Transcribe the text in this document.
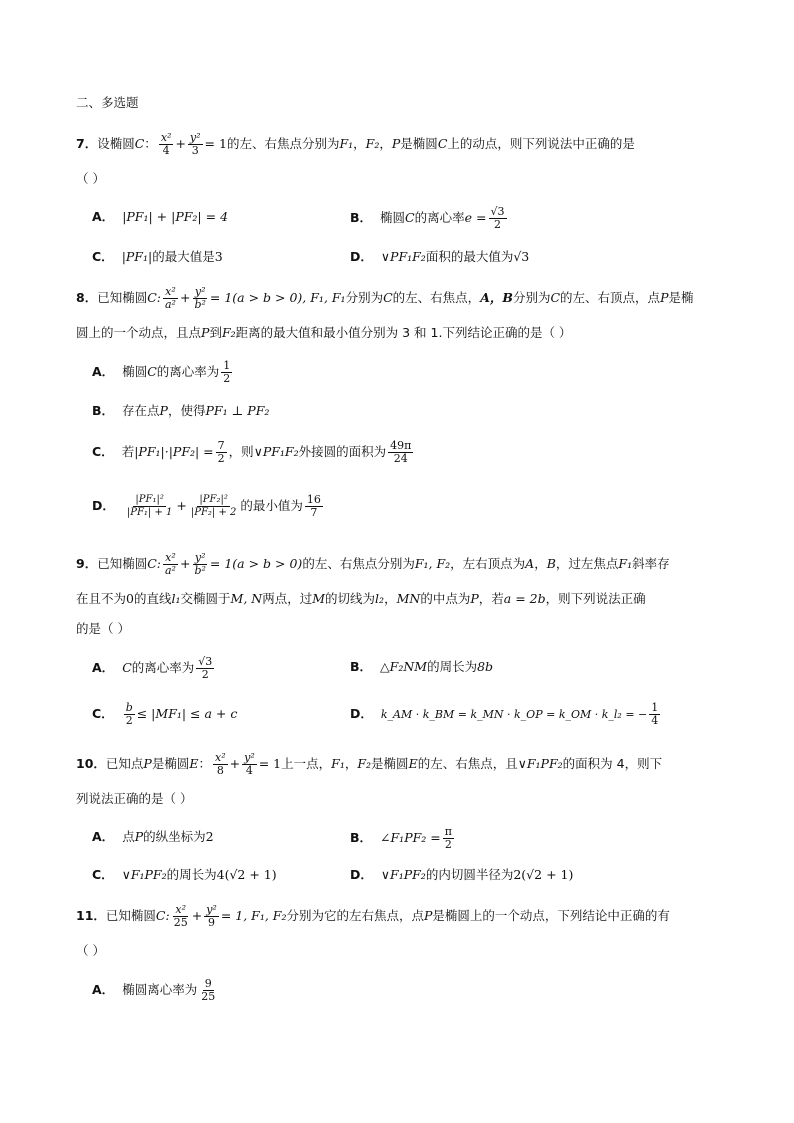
二、多选题
7．设椭圆C： $\frac{\text{x²}}{4} + \frac{\text{y²}}{3} = 1$的左、右焦点分别为F₁，F₂，P是椭圆C上的动点，则下列说法中正确的是
（ ）
A． |PF₁| + |PF₂| = 4	B． 椭圆C的离心率$e = \frac{√3}{2}$
C． |PF₁|的最大值是3	D． ∨PF₁F₂面积的最大值为√3
8．已知椭圆C: $\frac{\text{x²}}{\text{a²}} + \frac{\text{y²}}{\text{b²}} = 1(a > b > 0)$, F₁, F₁分别为C的左、右焦点，A，B分别为C的左、右顶点，点P是椭
圆上的一个动点，且点P到F₂距离的最大值和最小值分别为 3 和 1.下列结论正确的是（ ）
A． 椭圆C的离心率为 $\frac{1}{2}$
B． 存在点P，使得PF₁ ⊥ PF₂
C． 若$|PF_1|\cdot|PF_2| = \frac{7}{2}$ ，则∨PF₁F₂外接圆的面积为 $\frac{49\pi}{24}$
D． $\frac{\text{|PF₁|²}}{\text{|PF₁| + 1}} + \frac{\text{|PF₂|²}}{\text{|PF₂| + 2}}$ 的最小值为 $\frac{16}{7}$
9．已知椭圆C: $\frac{\text{x²}}{\text{a²}} + \frac{\text{y²}}{\text{b²}} = 1(a > b > 0)$的左、右焦点分别为F₁, F₂，左右顶点为A，B，过左焦点F₁斜率存
在且不为0的直线l₁交椭圆于M, N两点，过M的切线为l₂，MN的中点为P，若a = 2b，则下列说法正确
的是（ ）
A． C的离心率为 $\frac{√3}{2}$	B． △F₂NM的周长为8b
C． $\frac{b}{2} \le |MF_1| \le a + c$	D． k_AM · k_BM = k_MN · k_OP = k_OM · k_l₂ = − $\frac{1}{4}$
10．已知点P是椭圆E： $\frac{\text{x²}}{8} + \frac{\text{y²}}{4} = 1$上一点，F₁，F₂是椭圆E的左、右焦点，且∨F₁PF₂的面积为 4，则下
列说法正确的是（ ）
A． 点P的纵坐标为2	B． ∠F₁PF₂ = $\frac{\pi}{2}$
C． ∨F₁PF₂的周长为4(√2 + 1)	D． ∨F₁PF₂的内切圆半径为2(√2 + 1)
11．已知椭圆C: $\frac{\text{x²}}{25} + \frac{\text{y²}}{9} = 1$, F₁, F₂分别为它的左右焦点，点P是椭圆上的一个动点，下列结论中正确的有
（ ）
A． 椭圆离心率为 $\frac{9}{25}$
